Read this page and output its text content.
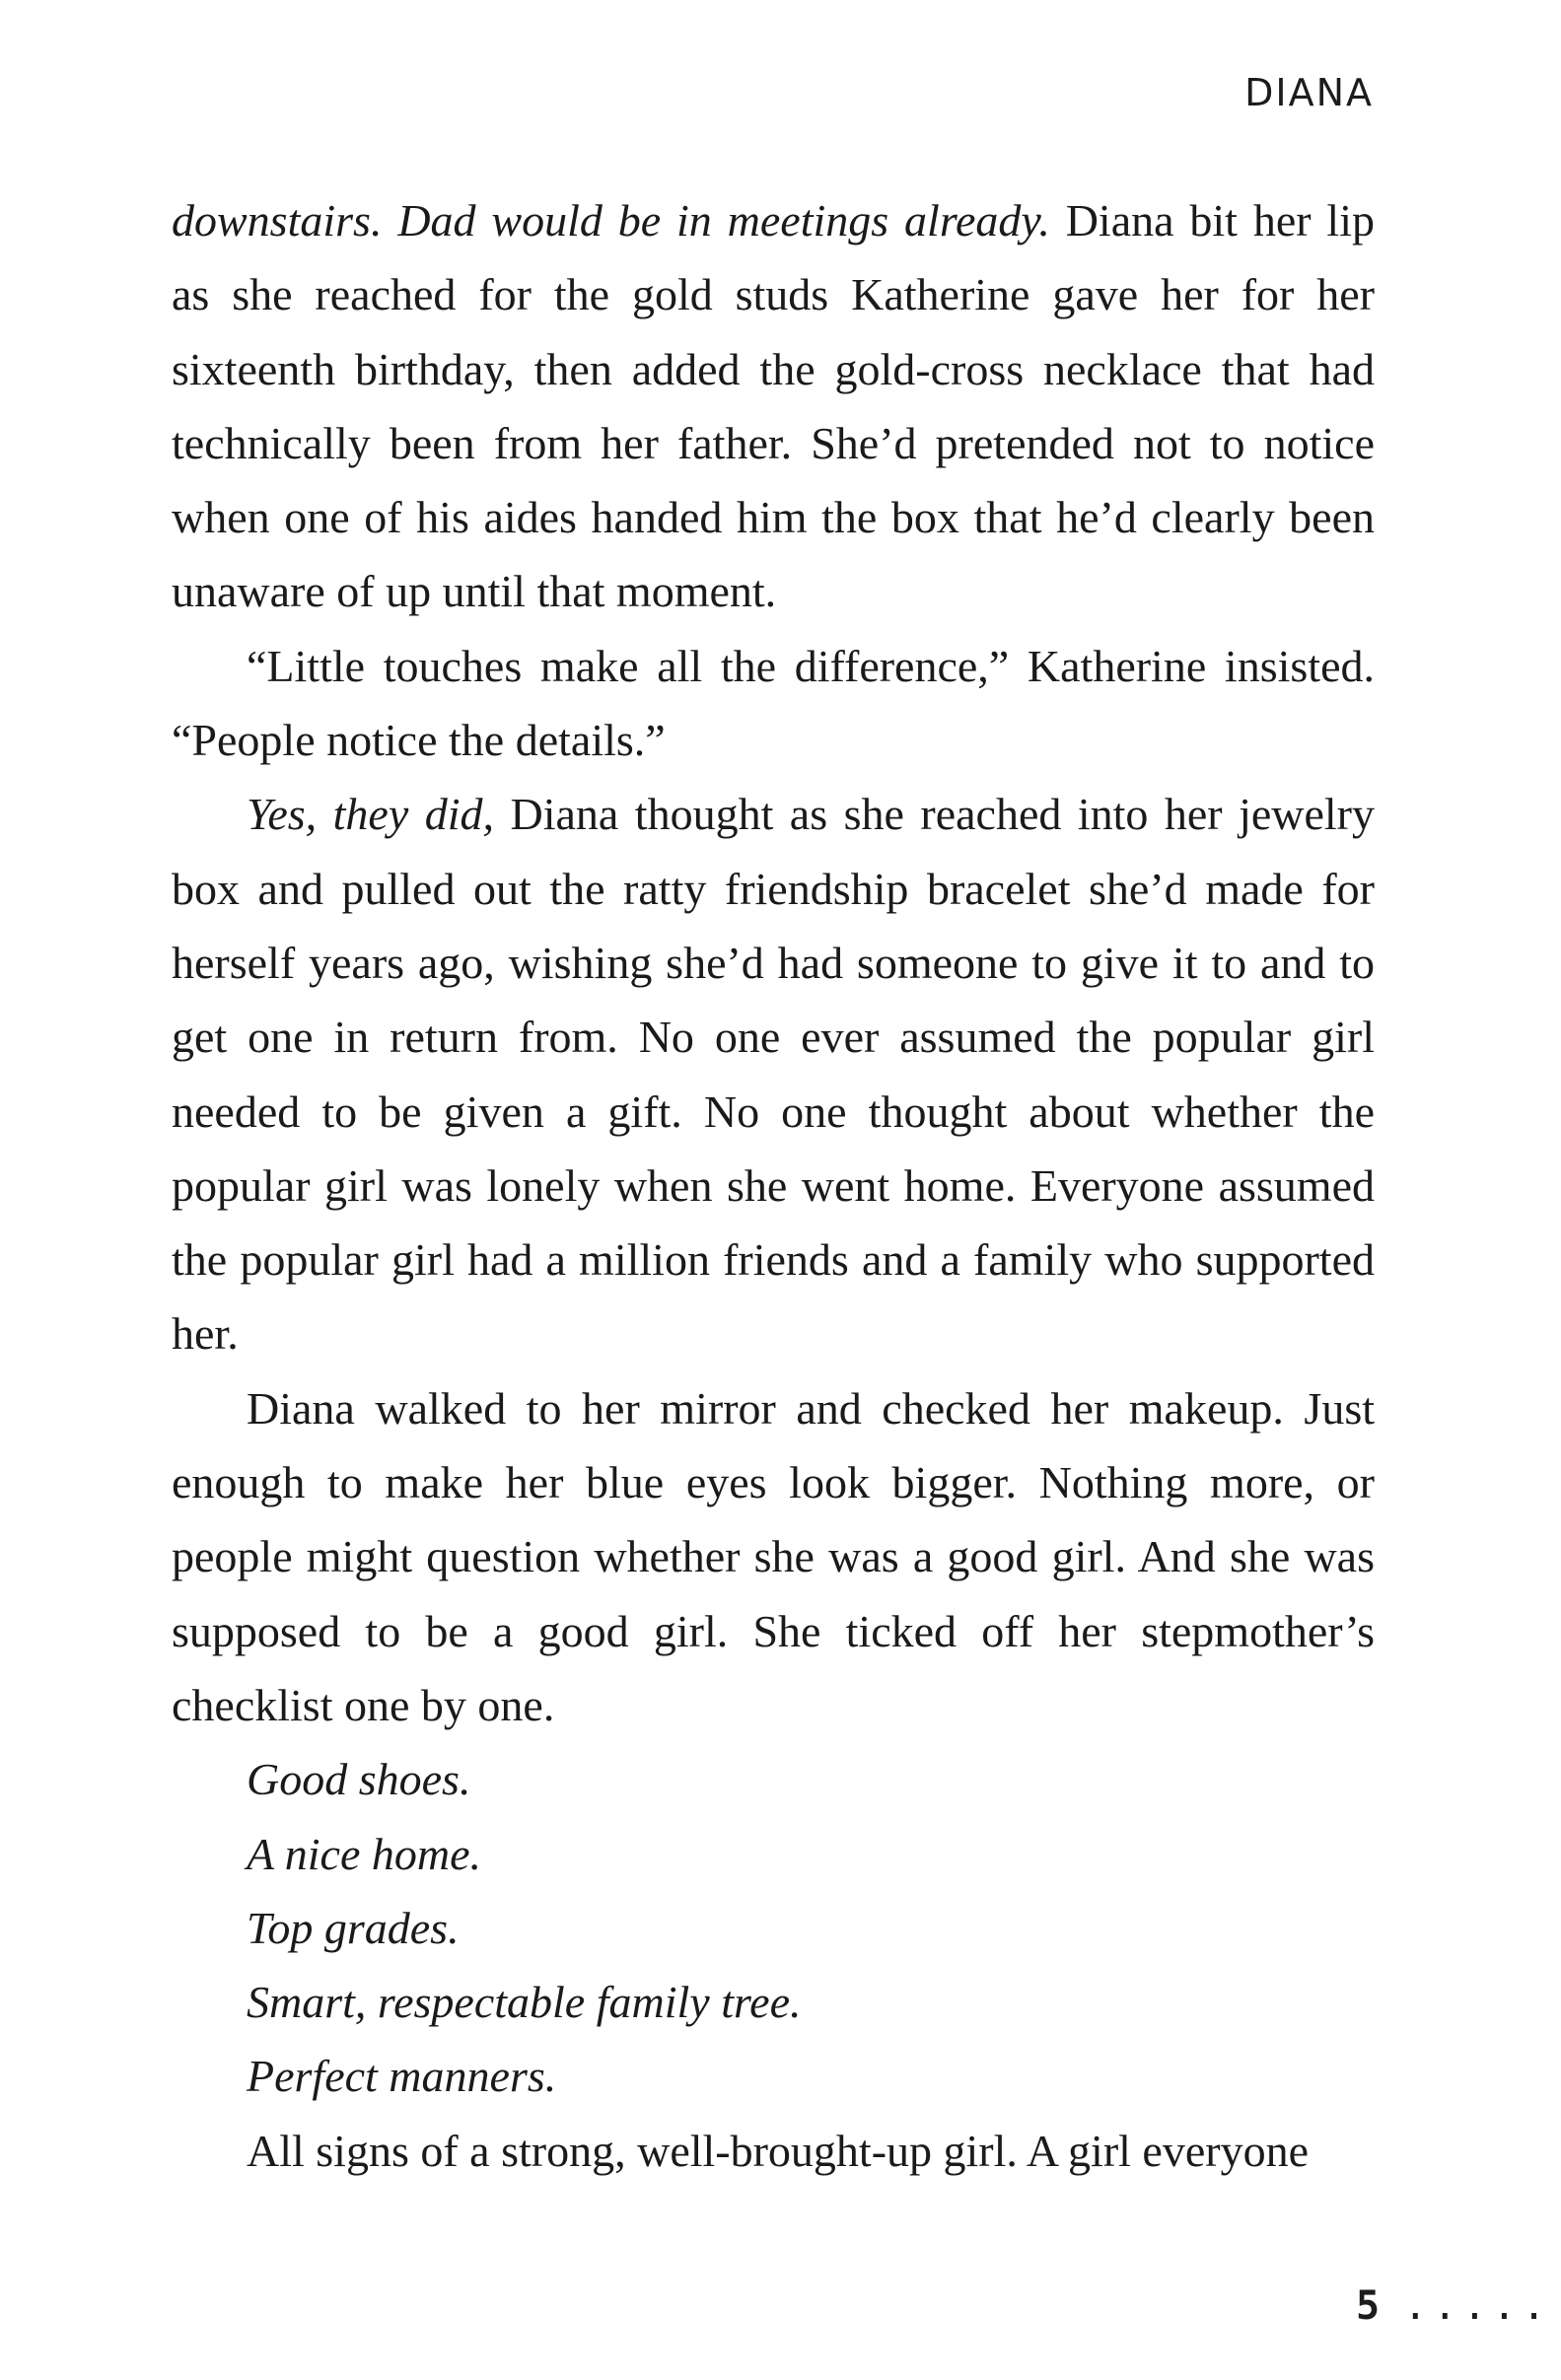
DIANA

downstairs. Dad would be in meetings already. Diana bit her lip as she reached for the gold studs Katherine gave her for her sixteenth birthday, then added the gold-cross necklace that had technically been from her father. She’d pretended not to notice when one of his aides handed him the box that he’d clearly been unaware of up until that moment.

“Little touches make all the difference,” Katherine insisted. “People notice the details.”

Yes, they did, Diana thought as she reached into her jewelry box and pulled out the ratty friendship bracelet she’d made for herself years ago, wishing she’d had someone to give it to and to get one in return from. No one ever assumed the popular girl needed to be given a gift. No one thought about whether the popular girl was lonely when she went home. Everyone assumed the popular girl had a million friends and a family who supported her.

Diana walked to her mirror and checked her makeup. Just enough to make her blue eyes look bigger. Nothing more, or people might question whether she was a good girl. And she was supposed to be a good girl. She ticked off her stepmother’s checklist one by one.

Good shoes.

A nice home.

Top grades.

Smart, respectable family tree.

Perfect manners.

All signs of a strong, well-brought-up girl. A girl everyone

5 .....
